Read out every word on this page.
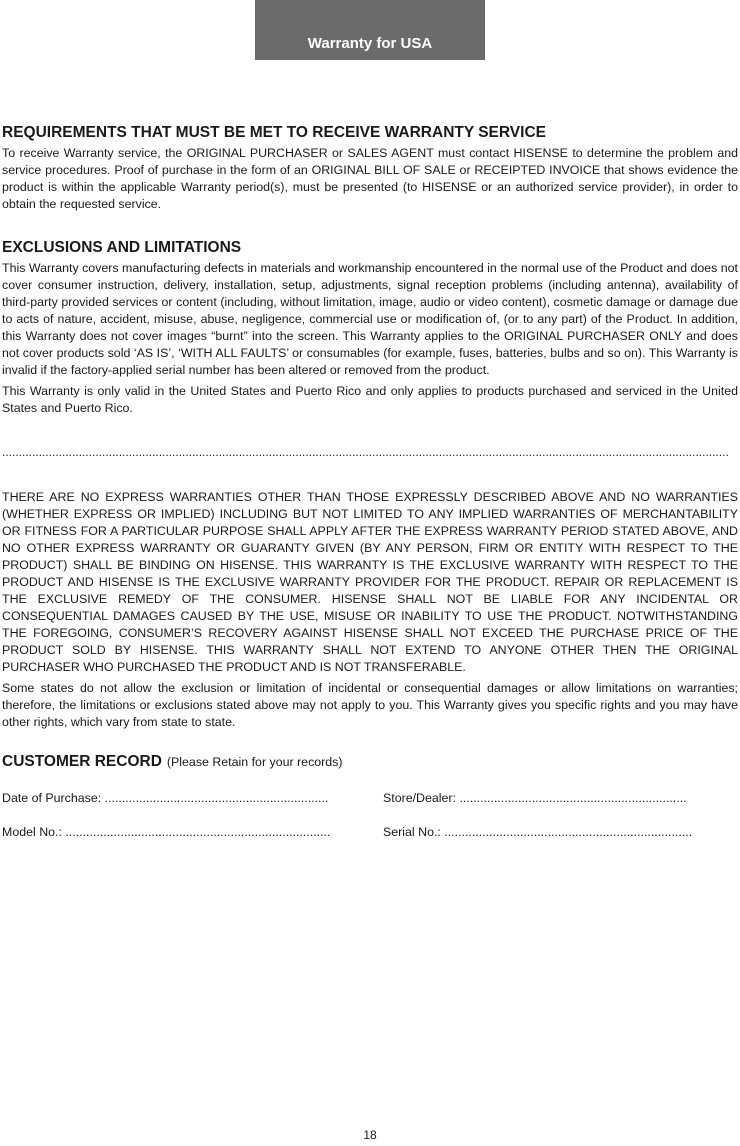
Warranty for USA
REQUIREMENTS THAT MUST BE MET TO RECEIVE WARRANTY SERVICE

To receive Warranty service, the ORIGINAL PURCHASER or SALES AGENT must contact HISENSE to determine the problem and service procedures. Proof of purchase in the form of an ORIGINAL BILL OF SALE or RECEIPTED INVOICE that shows evidence the product is within the applicable Warranty period(s), must be presented (to HISENSE or an authorized service provider), in order to obtain the requested service.

EXCLUSIONS AND LIMITATIONS

This Warranty covers manufacturing defects in materials and workmanship encountered in the normal use of the Product and does not cover consumer instruction, delivery, installation, setup, adjustments, signal reception problems (including antenna), availability of third-party provided services or content (including, without limitation, image, audio or video content), cosmetic damage or damage due to acts of nature, accident, misuse, abuse, negligence, commercial use or modification of, (or to any part) of the Product. In addition, this Warranty does not cover images “burnt” into the screen. This Warranty applies to the ORIGINAL PURCHASER ONLY and does not cover products sold ‘AS IS’, ‘WITH ALL FAULTS’ or consumables (for example, fuses, batteries, bulbs and so on). This Warranty is invalid if the factory-applied serial number has been altered or removed from the product.

This Warranty is only valid in the United States and Puerto Rico and only applies to products purchased and serviced in the United States and Puerto Rico.

..........................................................................................................................................................................................................................

THERE ARE NO EXPRESS WARRANTIES OTHER THAN THOSE EXPRESSLY DESCRIBED ABOVE AND NO WARRANTIES (WHETHER EXPRESS OR IMPLIED) INCLUDING BUT NOT LIMITED TO ANY IMPLIED WARRANTIES OF MERCHANTABILITY OR FITNESS FOR A PARTICULAR PURPOSE SHALL APPLY AFTER THE EXPRESS WARRANTY PERIOD STATED ABOVE, AND NO OTHER EXPRESS WARRANTY OR GUARANTY GIVEN (BY ANY PERSON, FIRM OR ENTITY WITH RESPECT TO THE PRODUCT) SHALL BE BINDING ON HISENSE. THIS WARRANTY IS THE EXCLUSIVE WARRANTY WITH RESPECT TO THE PRODUCT AND HISENSE IS THE EXCLUSIVE WARRANTY PROVIDER FOR THE PRODUCT. REPAIR OR REPLACEMENT IS THE EXCLUSIVE REMEDY OF THE CONSUMER. HISENSE SHALL NOT BE LIABLE FOR ANY INCIDENTAL OR CONSEQUENTIAL DAMAGES CAUSED BY THE USE, MISUSE OR INABILITY TO USE THE PRODUCT. NOTWITHSTANDING THE FOREGOING, CONSUMER’S RECOVERY AGAINST HISENSE SHALL NOT EXCEED THE PURCHASE PRICE OF THE PRODUCT SOLD BY HISENSE. THIS WARRANTY SHALL NOT EXTEND TO ANYONE OTHER THEN THE ORIGINAL PURCHASER WHO PURCHASED THE PRODUCT AND IS NOT TRANSFERABLE.

Some states do not allow the exclusion or limitation of incidental or consequential damages or allow limitations on warranties; therefore, the limitations or exclusions stated above may not apply to you. This Warranty gives you specific rights and you may have other rights, which vary from state to state.

CUSTOMER RECORD (Please Retain for your records)
Date of Purchase: .................................................................	Store/Dealer: ..................................................................
Model No.: .............................................................................	Serial No.: ........................................................................
18
